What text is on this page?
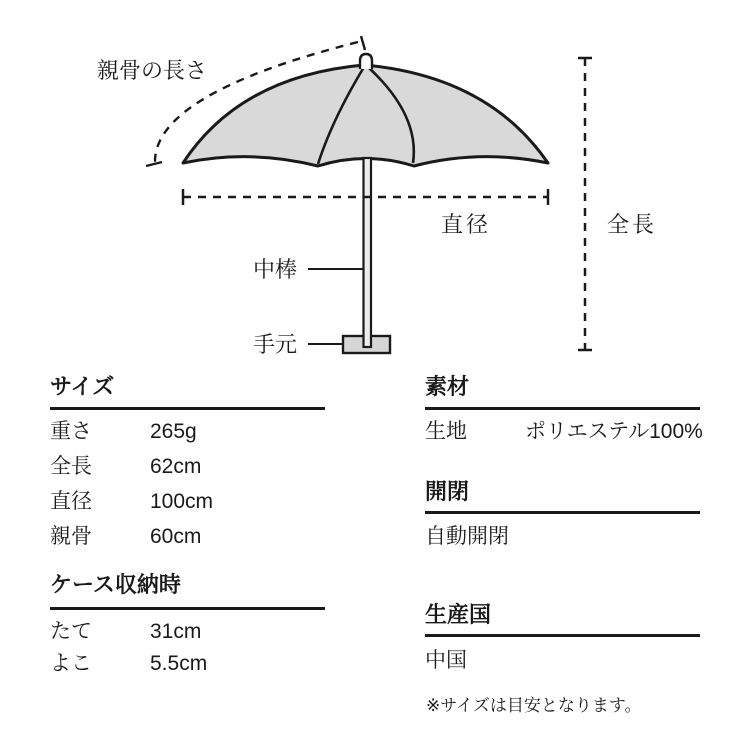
親骨の長さ
直径	全長
中棒
手元
サイズ
重さ	265g
全長	62cm
直径	100cm
親骨	60cm
ケース収納時
たて	31cm
よこ	5.5cm
素材
生地	ポリエステル100%
開閉
自動開閉
生産国
中国
※サイズは目安となります。
